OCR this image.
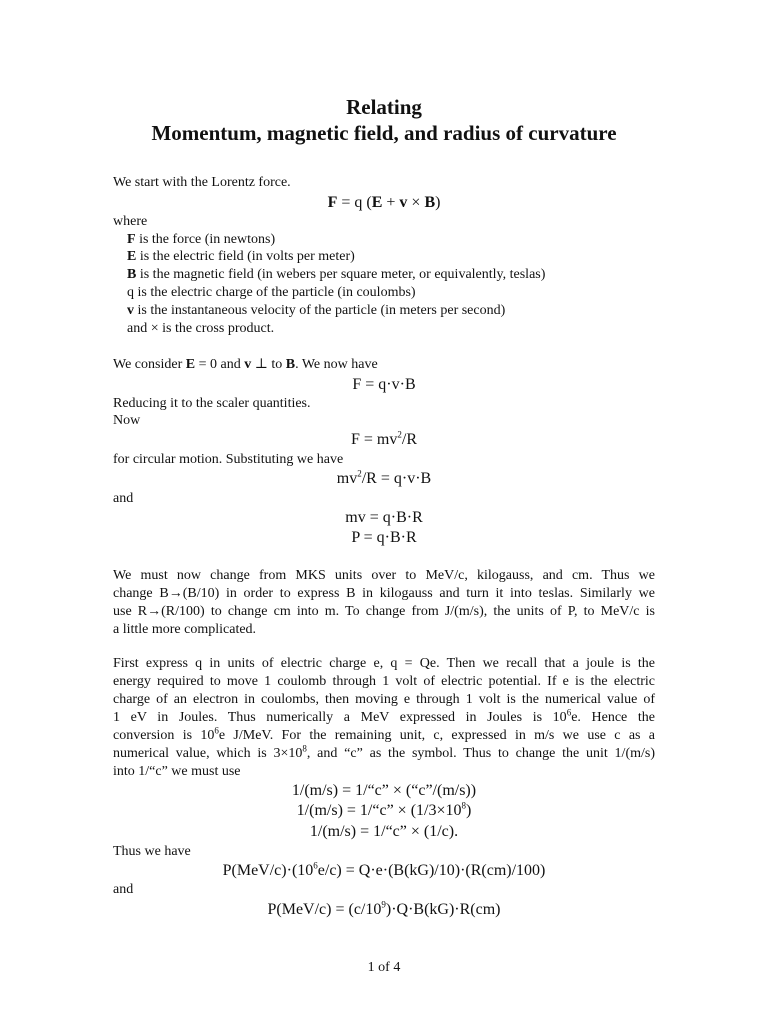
Relating
Momentum, magnetic field, and radius of curvature
We start with the Lorentz force.
F = q (E + v × B)
where
F is the force (in newtons)
E is the electric field (in volts per meter)
B is the magnetic field (in webers per square meter, or equivalently, teslas)
q is the electric charge of the particle (in coulombs)
v is the instantaneous velocity of the particle (in meters per second)
and × is the cross product.
We consider E = 0 and v ⊥ to B. We now have
F = q·v·B
Reducing it to the scaler quantities.
Now
$F = mv^2/R$
for circular motion. Substituting we have
$mv^2/R = q\cdot v\cdot B$
and
mv = q·B·R
P = q·B·R
We must now change from MKS units over to MeV/c, kilogauss, and cm. Thus we
change B→(B/10) in order to express B in kilogauss and turn it into teslas. Similarly we
use R→(R/100) to change cm into m. To change from J/(m/s), the units of P, to MeV/c is
a little more complicated.
First express q in units of electric charge e, q = Qe. Then we recall that a joule is the
energy required to move 1 coulomb through 1 volt of electric potential. If e is the electric
charge of an electron in coulombs, then moving e through 1 volt is the numerical value of
1 eV in Joules. Thus numerically a MeV expressed in Joules is $10^6e$. Hence the
conversion is $10^6e$ J/MeV. For the remaining unit, c, expressed in m/s we use c as a
numerical value, which is $3\times 10^8$, and “c” as the symbol. Thus to change the unit 1/(m/s)
into 1/“c” we must use
1/(m/s) = 1/“c” × (“c”/(m/s))
1/(m/s) = 1/“c” × $(1/3\times 10^8)$
1/(m/s) = 1/“c” × (1/c).
Thus we have
$P(MeV/c)\cdot(10^6e/c) = Q\cdot e\cdot(B(kG)/10)\cdot(R(cm)/100)$
and
$P(MeV/c) = (c/10^9)\cdot Q\cdot B(kG)\cdot R(cm)$
1 of 4
